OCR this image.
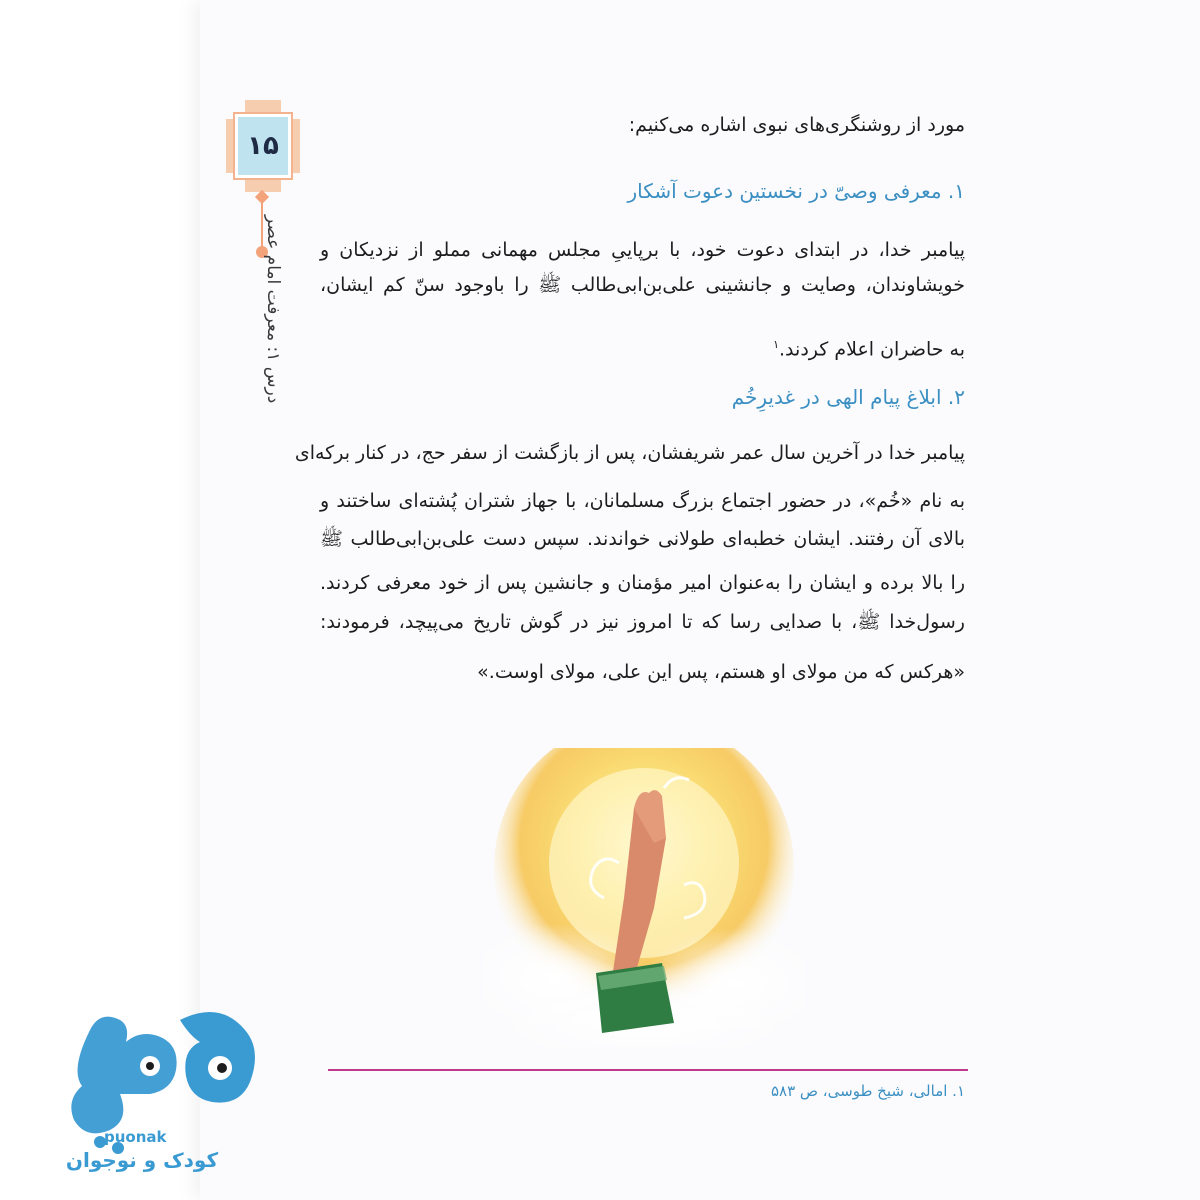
۱۵
درس ۱: معرفت امام عصر
مورد از روشنگری‌های نبوی اشاره می‌کنیم:
۱. معرفی وصیّ در نخستین دعوت آشکار
پیامبر خدا، در ابتدای دعوت خود، با برپاییِ مجلس مهمانی مملو از نزدیکان و
خویشاوندان، وصایت و جانشینی علی‌بن‌ابی‌طالب ﷺ را باوجود سنّ کم ایشان،
به حاضران اعلام کردند.$^۱$
۲. ابلاغ پیام الهی در غدیرِخُم
پیامبر خدا در آخرین سال عمر شریفشان، پس از بازگشت از سفر حج، در کنار برکه‌ای
به نام «خُم»، در حضور اجتماع بزرگ مسلمانان، با جهاز شتران پُشته‌ای ساختند و
بالای آن رفتند. ایشان خطبه‌ای طولانی خواندند. سپس دست علی‌بن‌ابی‌طالب ﷺ
را بالا برده و ایشان را به‌عنوان امیر مؤمنان و جانشین پس از خود معرفی کردند.
رسول‌خدا ﷺ، با صدایی رسا که تا امروز نیز در گوش تاریخ می‌پیچد، فرمودند:
«هرکس که من مولای او هستم، پس این علی، مولای اوست.»
۱. امالی، شیخ طوسی، ص ۵۸۳
puonak
کودک و نوجوان
